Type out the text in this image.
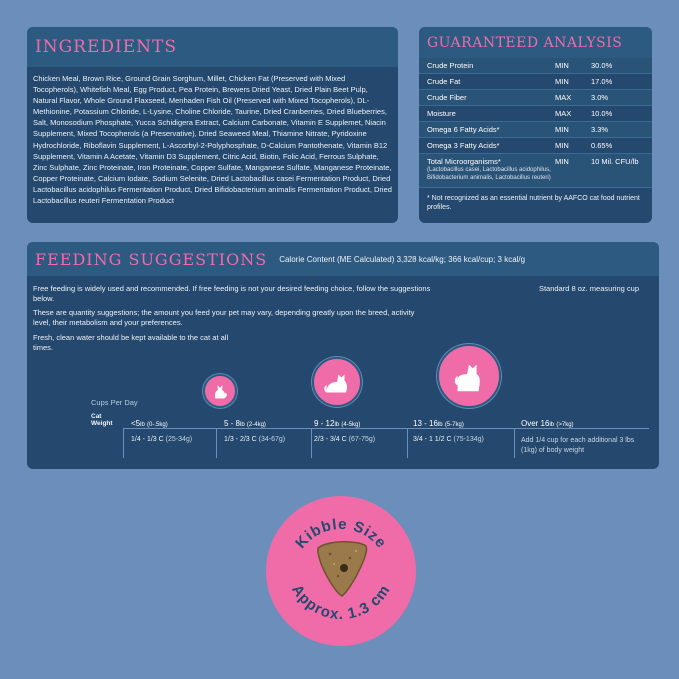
INGREDIENTS
Chicken Meal, Brown Rice, Ground Grain Sorghum, Millet, Chicken Fat (Preserved with Mixed Tocopherols), Whitefish Meal, Egg Product, Pea Protein, Brewers Dried Yeast, Dried Plain Beet Pulp, Natural Flavor, Whole Ground Flaxseed, Menhaden Fish Oil (Preserved with Mixed Tocopherols), DL-Methionine, Potassium Chloride, L-Lysine, Choline Chloride, Taurine, Dried Cranberries, Dried Blueberries, Salt, Monosodium Phosphate, Yucca Schidigera Extract, Calcium Carbonate, Vitamin E Supplemet, Niacin Supplement, Mixed Tocopherols (a Preservative), Dried Seaweed Meal, Thiamine Nitrate, Pyridoxine Hydrochloride, Riboflavin Supplement, L-Ascorbyl-2-Polyphosphate, D-Calcium Pantothenate, Vitamin B12 Supplement, Vitamin A Acetate, Vitamin D3 Supplement, Citric Acid, Biotin, Folic Acid, Ferrous Sulphate, Zinc Sulphate, Zinc Proteinate, Iron Proteinate, Copper Sulfate, Manganese Sulfate, Manganese Proteinate, Copper Proteinate, Calcium Iodate, Sodium Selenite, Dried Lactobacillus casei Fermentation Product, Dried Lactobacillus acidophilus Fermentation Product, Dried Bifidobacterium animalis Fermentation Product, Dried Lactobacillus reuteri Fermentation Product
GUARANTEED ANALYSIS
Crude Protein	MIN	30.0%
Crude Fat	MIN	17.0%
Crude Fiber	MAX	3.0%
Moisture	MAX	10.0%
Omega 6 Fatty Acids*	MIN	3.3%
Omega 3 Fatty Acids*	MIN	0.65%
Total Microorganisms*
(Lactobacillus casei, Lactobacillus acidophilus, Bifidobacterium animalis, Lactobacillus reuteri)
MIN	10 Mil. CFU/lb
* Not recognized as an essential nutrient by AAFCO cat food nutrient profiles.
FEEDING SUGGESTIONS Calorie Content (ME Calculated) 3,328 kcal/kg; 366 kcal/cup; 3 kcal/g
Standard 8 oz. measuring cup
Free feeding is widely used and recommended. If free feeding is not your desired feeding choice, follow the suggestions below.
These are quantity suggestions; the amount you feed your pet may vary, depending greatly upon the breed, activity level, their metabolism and your preferences.
Fresh, clean water should be kept available to the cat at all times.
Cups Per Day
Cat Weight	<5lb (0-.5kg)	5 - 8lb (2-4kg)	9 - 12lb (4-5kg)	13 - 16lb (5-7kg)	Over 16lb (>7kg)
1/4 - 1/3 C (25-34g)	1/3 - 2/3 C (34-67g)	2/3 - 3/4 C (67-75g)	3/4 - 1 1/2 C (75-134g)	Add 1/4 cup for each additional 3 lbs (1kg) of body weight
Kibble Size
Approx. 1.3 cm
